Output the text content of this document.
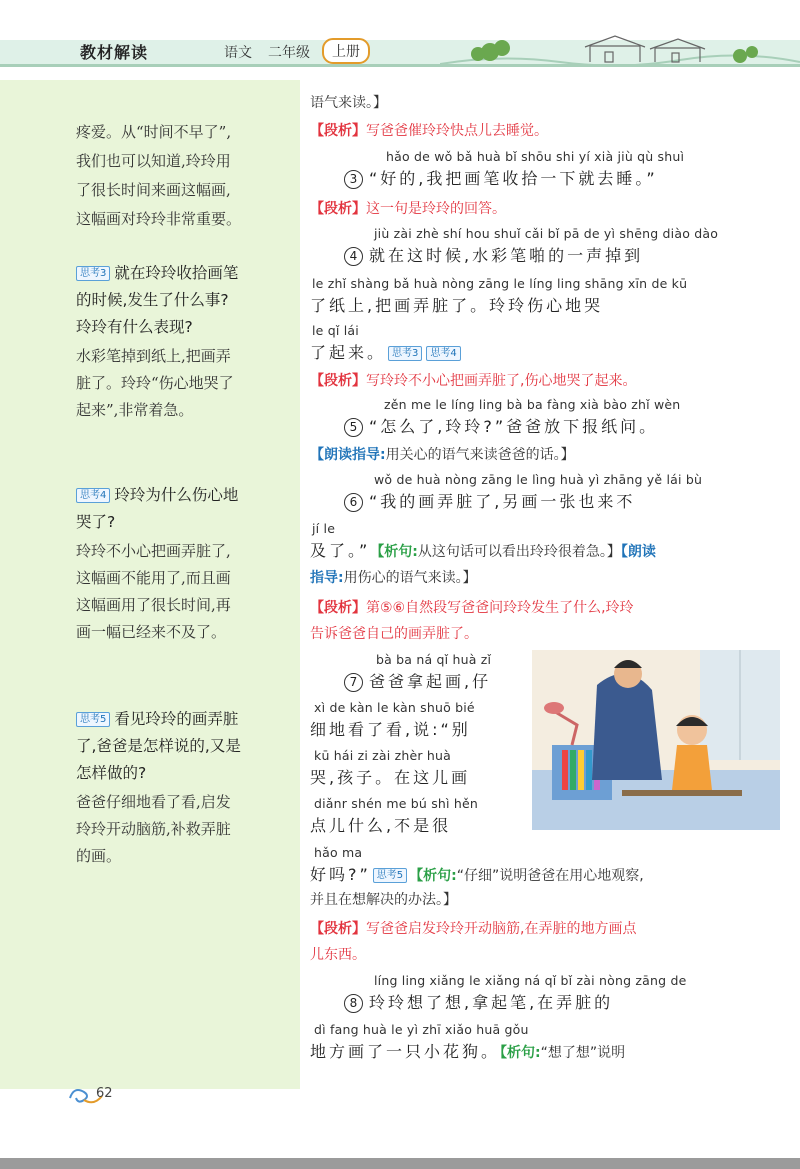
教材解读	语文 二年级	上册
疼爱。从“时间不早了”,
我们也可以知道,玲玲用
了很长时间来画这幅画,
这幅画对玲玲非常重要。
思考3 就在玲玲收拾画笔
的时候,发生了什么事?
玲玲有什么表现?
水彩笔掉到纸上,把画弄
脏了。玲玲“伤心地哭了
起来”,非常着急。
思考4 玲玲为什么伤心地
哭了?
玲玲不小心把画弄脏了,
这幅画不能用了,而且画
这幅画用了很长时间,再
画一幅已经来不及了。
思考5 看见玲玲的画弄脏
了,爸爸是怎样说的,又是
怎样做的?
爸爸仔细地看了看,启发
玲玲开动脑筋,补救弄脏
的画。
语气来读。】
【段析】写爸爸催玲玲快点儿去睡觉。
hǎo de wǒ bǎ huà bǐ shōu shi yí xià jiù qù shuì
3 “好的,我把画笔收拾一下就去睡。”
【段析】这一句是玲玲的回答。
jiù zài zhè shí hou shuǐ cǎi bǐ pā de yì shēng diào dào
4 就在这时候,水彩笔啪的一声掉到
le zhǐ shàng bǎ huà nòng zāng le líng ling shāng xīn de kū
了纸上,把画弄脏了。玲玲伤心地哭
le qǐ lái
了起来。 思考3 思考4
【段析】写玲玲不小心把画弄脏了,伤心地哭了起来。
zěn me le líng ling bà ba fàng xià bào zhǐ wèn
5 “怎么了,玲玲?”爸爸放下报纸问。
【朗读指导:用关心的语气来读爸爸的话。】
wǒ de huà nòng zāng le lìng huà yì zhāng yě lái bù
6 “我的画弄脏了,另画一张也来不
jí le
及了。”【析句:从这句话可以看出玲玲很着急。】【朗读
指导:用伤心的语气来读。】
【段析】第⑤⑥自然段写爸爸问玲玲发生了什么,玲玲
告诉爸爸自己的画弄脏了。
bà ba ná qǐ huà zǐ
7 爸爸拿起画,仔
xì de kàn le kàn shuō bié
细地看了看,说:“别
kū hái zi zài zhèr huà
哭,孩子。在这儿画
diǎnr shén me bú shì hěn
点儿什么,不是很
hǎo ma
好吗?” 思考5 【析句:“仔细”说明爸爸在用心地观察,
并且在想解决的办法。】
【段析】写爸爸启发玲玲开动脑筋,在弄脏的地方画点
儿东西。
líng ling xiǎng le xiǎng ná qǐ bǐ zài nòng zāng de
8 玲玲想了想,拿起笔,在弄脏的
dì fang huà le yì zhī xiǎo huā gǒu
地方画了一只小花狗。【析句:“想了想”说明
62
